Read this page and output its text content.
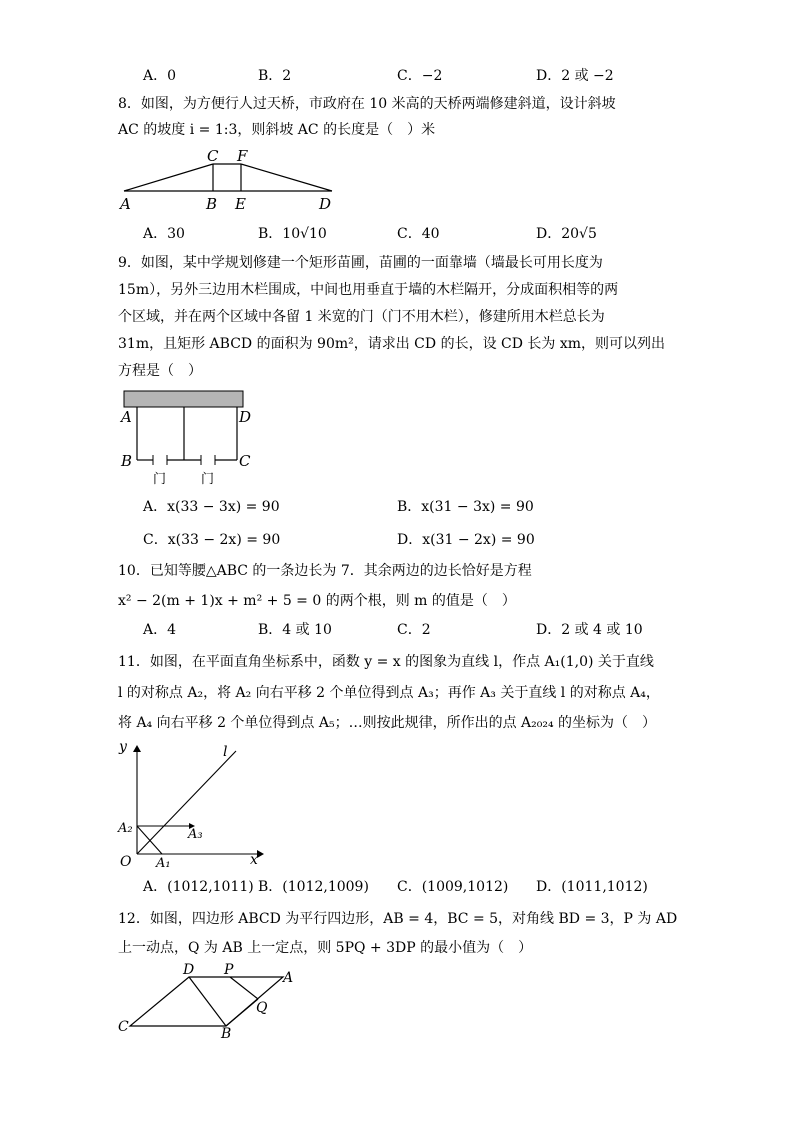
A．0	B．2	C．−2	D．2 或 −2
8．如图，为方便行人过天桥，市政府在 10 米高的天桥两端修建斜道，设计斜坡
AC 的坡度 i = 1:3，则斜坡 AC 的长度是（　）米
C F
A	B E	D
A．30	B．10√10	C．40	D．20√5
9．如图，某中学规划修建一个矩形苗圃，苗圃的一面靠墙（墙最长可用长度为
15m），另外三边用木栏围成，中间也用垂直于墙的木栏隔开，分成面积相等的两
个区域，并在两个区域中各留 1 米宽的门（门不用木栏），修建所用木栏总长为
31m，且矩形 ABCD 的面积为 90m²，请求出 CD 的长，设 CD 长为 xm，则可以列出
方程是（　）
A	D
B	C
门	门
A．x(33 − 3x) = 90	B．x(31 − 3x) = 90
C．x(33 − 2x) = 90	D．x(31 − 2x) = 90
10．已知等腰△ABC 的一条边长为 7．其余两边的边长恰好是方程
x² − 2(m + 1)x + m² + 5 = 0 的两个根，则 m 的值是（　）
A．4	B．4 或 10	C．2	D．2 或 4 或 10
11．如图，在平面直角坐标系中，函数 y = x 的图象为直线 l，作点 A₁(1,0) 关于直线
l 的对称点 A₂，将 A₂ 向右平移 2 个单位得到点 A₃；再作 A₃ 关于直线 l 的对称点 A₄，
将 A₄ 向右平移 2 个单位得到点 A₅；…则按此规律，所作出的点 A₂₀₂₄ 的坐标为（　）
y
x
l
O A₁
A₂	A₃
A．(1012,1011) B．(1012,1009) C．(1009,1012) D．(1011,1012)
12．如图，四边形 ABCD 为平行四边形，AB = 4，BC = 5，对角线 BD = 3，P 为 AD
上一动点，Q 为 AB 上一定点，则 5PQ + 3DP 的最小值为（　）
D P	A
Q
C	B
